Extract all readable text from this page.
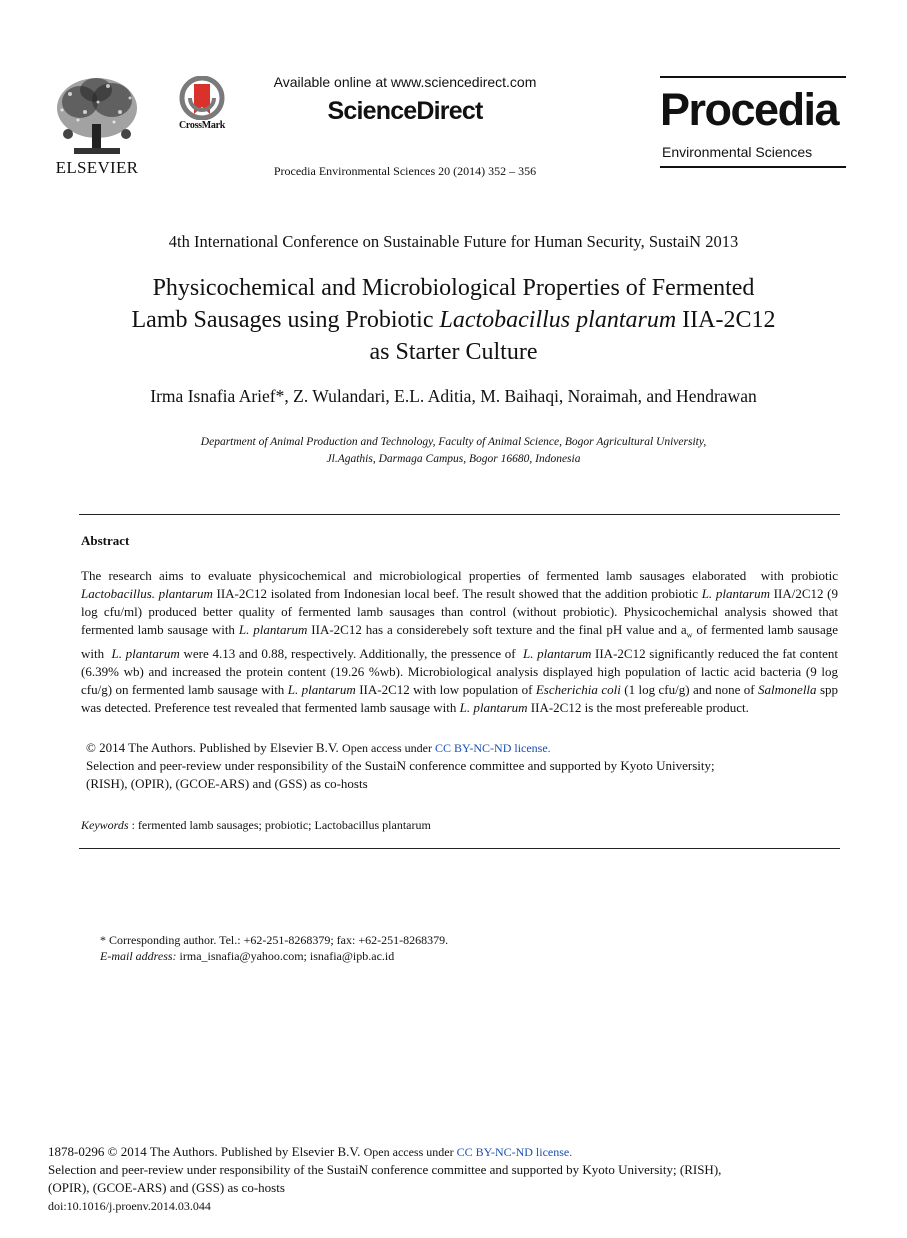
ELSEVIER
CrossMark
Available online at www.sciencedirect.com
ScienceDirect
Procedia Environmental Sciences 20 (2014) 352 – 356
Procedia
Environmental Sciences
4th International Conference on Sustainable Future for Human Security, SustaiN 2013
Physicochemical and Microbiological Properties of Fermented
Lamb Sausages using Probiotic Lactobacillus plantarum IIA-2C12
as Starter Culture
Irma Isnafia Arief*, Z. Wulandari, E.L. Aditia, M. Baihaqi, Noraimah, and Hendrawan
Department of Animal Production and Technology, Faculty of Animal Science, Bogor Agricultural University,
Jl.Agathis, Darmaga Campus, Bogor 16680, Indonesia
Abstract
The research aims to evaluate physicochemical and microbiological properties of fermented lamb sausages elaborated  with probiotic Lactobacillus. plantarum IIA-2C12 isolated from Indonesian local beef. The result showed that the addition probiotic L. plantarum IIA/2C12 (9 log cfu/ml) produced better quality of fermented lamb sausages than control (without probiotic). Physicochemichal analysis showed that fermented lamb sausage with L. plantarum IIA-2C12 has a considerebely soft texture and the final pH value and $a_w$ of fermented lamb sausage with  L. plantarum were 4.13 and 0.88, respectively. Additionally, the pressence of  L. plantarum IIA-2C12 significantly reduced the fat content (6.39% wb) and increased the protein content (19.26 %wb). Microbiological analysis displayed high population of lactic acid bacteria (9 log cfu/g) on fermented lamb sausage with L. plantarum IIA-2C12 with low population of Escherichia coli (1 log cfu/g) and none of Salmonella spp was detected. Preference test revealed that fermented lamb sausage with L. plantarum IIA-2C12 is the most prefereable product.
© 2014 The Authors. Published by Elsevier B.V. Open access under CC BY-NC-ND license.
Selection and peer-review under responsibility of the SustaiN conference committee and supported by Kyoto University;
(RISH), (OPIR), (GCOE-ARS) and (GSS) as co-hosts
Keywords : fermented lamb sausages; probiotic; Lactobacillus plantarum
* Corresponding author. Tel.: +62-251-8268379; fax: +62-251-8268379.
E-mail address: irma_isnafia@yahoo.com; isnafia@ipb.ac.id
1878-0296 © 2014 The Authors. Published by Elsevier B.V. Open access under CC BY-NC-ND license.
Selection and peer-review under responsibility of the SustaiN conference committee and supported by Kyoto University; (RISH),
(OPIR), (GCOE-ARS) and (GSS) as co-hosts
doi:10.1016/j.proenv.2014.03.044
